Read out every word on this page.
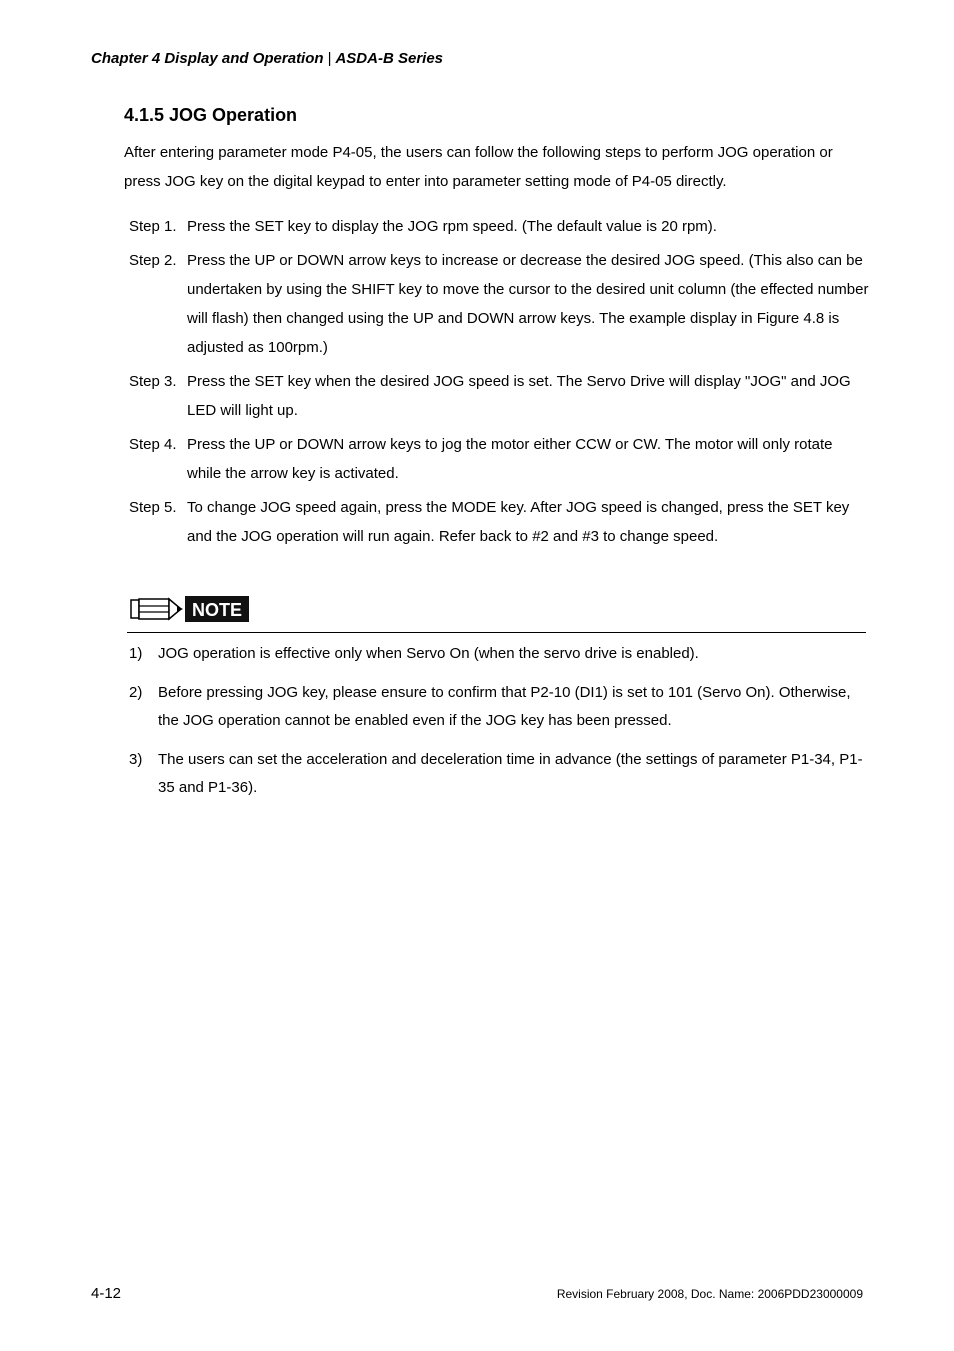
Chapter 4 Display and Operation | ASDA-B Series
4.1.5 JOG Operation

After entering parameter mode P4-05, the users can follow the following steps to perform JOG operation or press JOG key on the digital keypad to enter into parameter setting mode of P4-05 directly.

Step 1. Press the SET key to display the JOG rpm speed. (The default value is 20 rpm).
Step 2. Press the UP or DOWN arrow keys to increase or decrease the desired JOG speed. (This also can be undertaken by using the SHIFT key to move the cursor to the desired unit column (the effected number will flash) then changed using the UP and DOWN arrow keys. The example display in Figure 4.8 is adjusted as 100rpm.)
Step 3. Press the SET key when the desired JOG speed is set. The Servo Drive will display "JOG" and JOG LED will light up.
Step 4. Press the UP or DOWN arrow keys to jog the motor either CCW or CW. The motor will only rotate while the arrow key is activated.
Step 5. To change JOG speed again, press the MODE key. After JOG speed is changed, press the SET key and the JOG operation will run again. Refer back to #2 and #3 to change speed.
NOTE
1)	JOG operation is effective only when Servo On (when the servo drive is enabled).
2)	Before pressing JOG key, please ensure to confirm that P2-10 (DI1) is set to 101 (Servo On). Otherwise, the JOG operation cannot be enabled even if the JOG key has been pressed.
3)	The users can set the acceleration and deceleration time in advance (the settings of parameter P1-34, P1-35 and P1-36).
4-12	Revision February 2008, Doc. Name: 2006PDD23000009
